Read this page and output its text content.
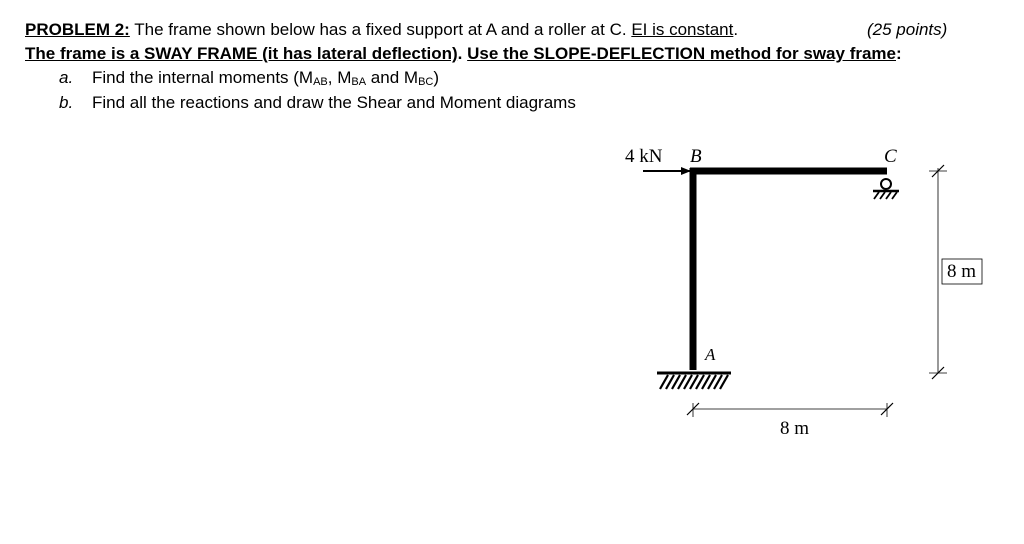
PROBLEM 2: The frame shown below has a fixed support at A and a roller at C. EI is constant.	(25 points)
The frame is a SWAY FRAME (it has lateral deflection). Use the SLOPE-DEFLECTION method for sway frame:
a. Find the internal moments ($M_{AB}$, $M_{BA}$ and $M_{BC}$)
b. Find all the reactions and draw the Shear and Moment diagrams
4 kN B	C
A
8 m
8 m
